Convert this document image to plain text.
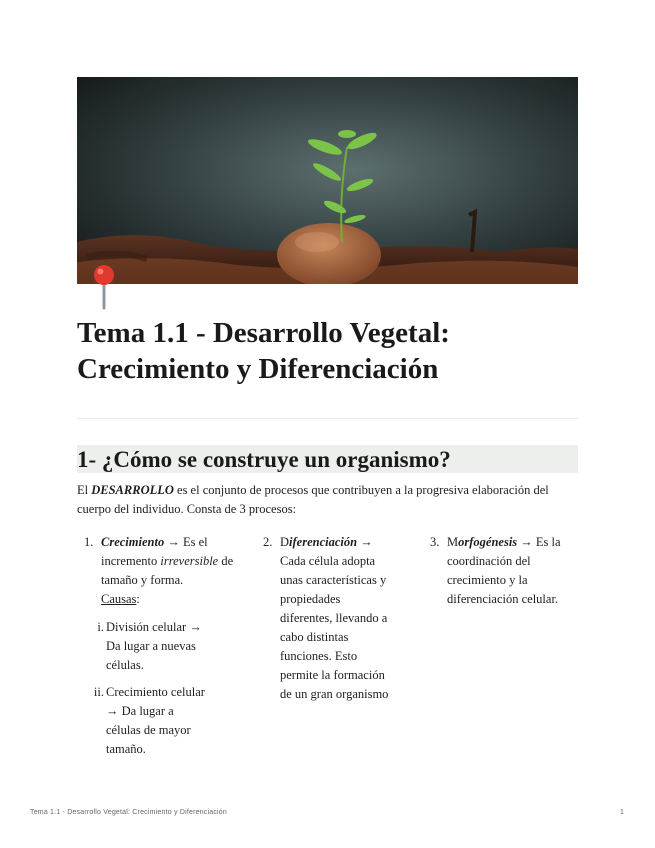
Tema 1.1 - Desarrollo Vegetal:
Crecimiento y Diferenciación
1- ¿Cómo se construye un organismo?

El DESARROLLO es el conjunto de procesos que contribuyen a la progresiva elaboración del cuerpo del individuo. Consta de 3 procesos:

1. Crecimiento → Es el incremento irreversible de tamaño y forma.

Causas:

i. División celular → Da lugar a nuevas células.
ii. Crecimiento celular → Da lugar a células de mayor tamaño.
2. Diferenciación → Cada célula adopta unas características y propiedades diferentes, llevando a cabo distintas funciones. Esto permite la formación de un gran organismo

3. Morfogénesis → Es la coordinación del crecimiento y la diferenciación celular.

Tema 1.1 - Desarrollo Vegetal: Crecimiento y Diferenciación	1
